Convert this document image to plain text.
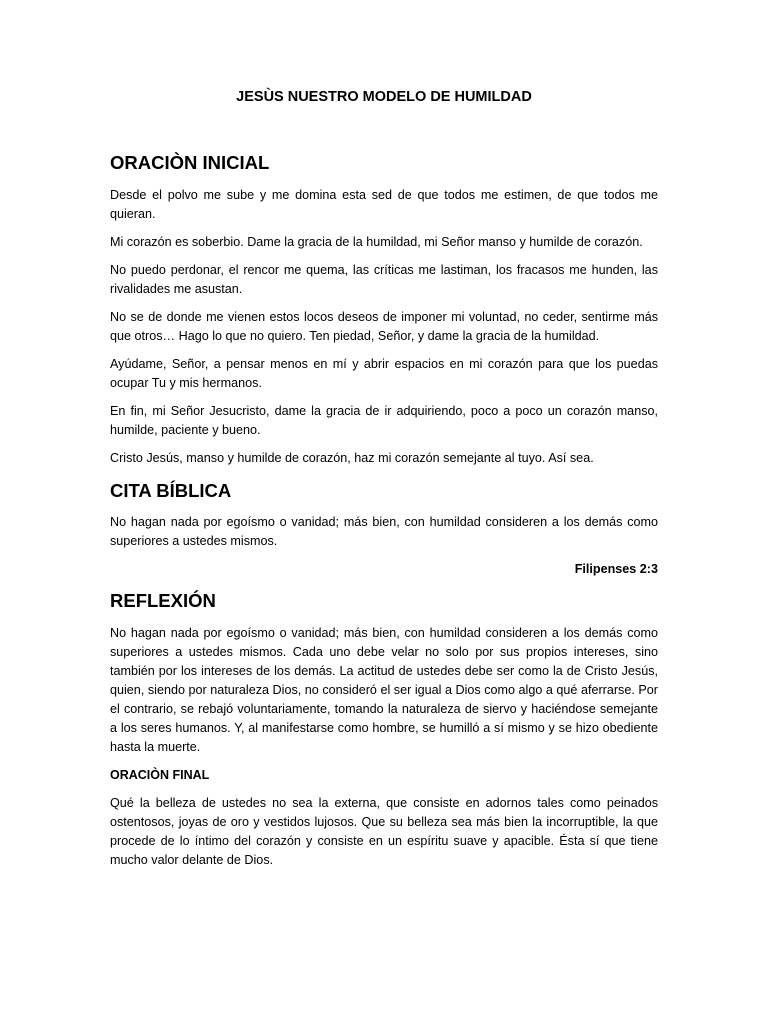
JESÙS NUESTRO MODELO DE HUMILDAD
ORACIÒN INICIAL

Desde el polvo me sube y me domina esta sed de que todos me estimen, de que todos me quieran.

Mi corazón es soberbio. Dame la gracia de la humildad, mi Señor manso y humilde de corazón.

No puedo perdonar, el rencor me quema, las críticas me lastiman, los fracasos me hunden, las rivalidades me asustan.

No se de donde me vienen estos locos deseos de imponer mi voluntad, no ceder, sentirme más que otros… Hago lo que no quiero. Ten piedad, Señor, y dame la gracia de la humildad.

Ayúdame, Señor, a pensar menos en mí y abrir espacios en mi corazón para que los puedas ocupar Tu y mis hermanos.

En fin, mi Señor Jesucristo, dame la gracia de ir adquiriendo, poco a poco un corazón manso, humilde, paciente y bueno.

Cristo Jesús, manso y humilde de corazón, haz mi corazón semejante al tuyo. Así sea.

CITA BÍBLICA

No hagan nada por egoísmo o vanidad; más bien, con humildad consideren a los demás como superiores a ustedes mismos.

Filipenses 2:3

REFLEXIÓN

No hagan nada por egoísmo o vanidad; más bien, con humildad consideren a los demás como superiores a ustedes mismos. Cada uno debe velar no solo por sus propios intereses, sino también por los intereses de los demás. La actitud de ustedes debe ser como la de Cristo Jesús, quien, siendo por naturaleza Dios, no consideró el ser igual a Dios como algo a qué aferrarse. Por el contrario, se rebajó voluntariamente, tomando la naturaleza de siervo y haciéndose semejante a los seres humanos. Y, al manifestarse como hombre, se humilló a sí mismo y se hizo obediente hasta la muerte.

ORACIÒN FINAL

Qué la belleza de ustedes no sea la externa, que consiste en adornos tales como peinados ostentosos, joyas de oro y vestidos lujosos. Que su belleza sea más bien la incorruptible, la que procede de lo íntimo del corazón y consiste en un espíritu suave y apacible. Ésta sí que tiene mucho valor delante de Dios.
